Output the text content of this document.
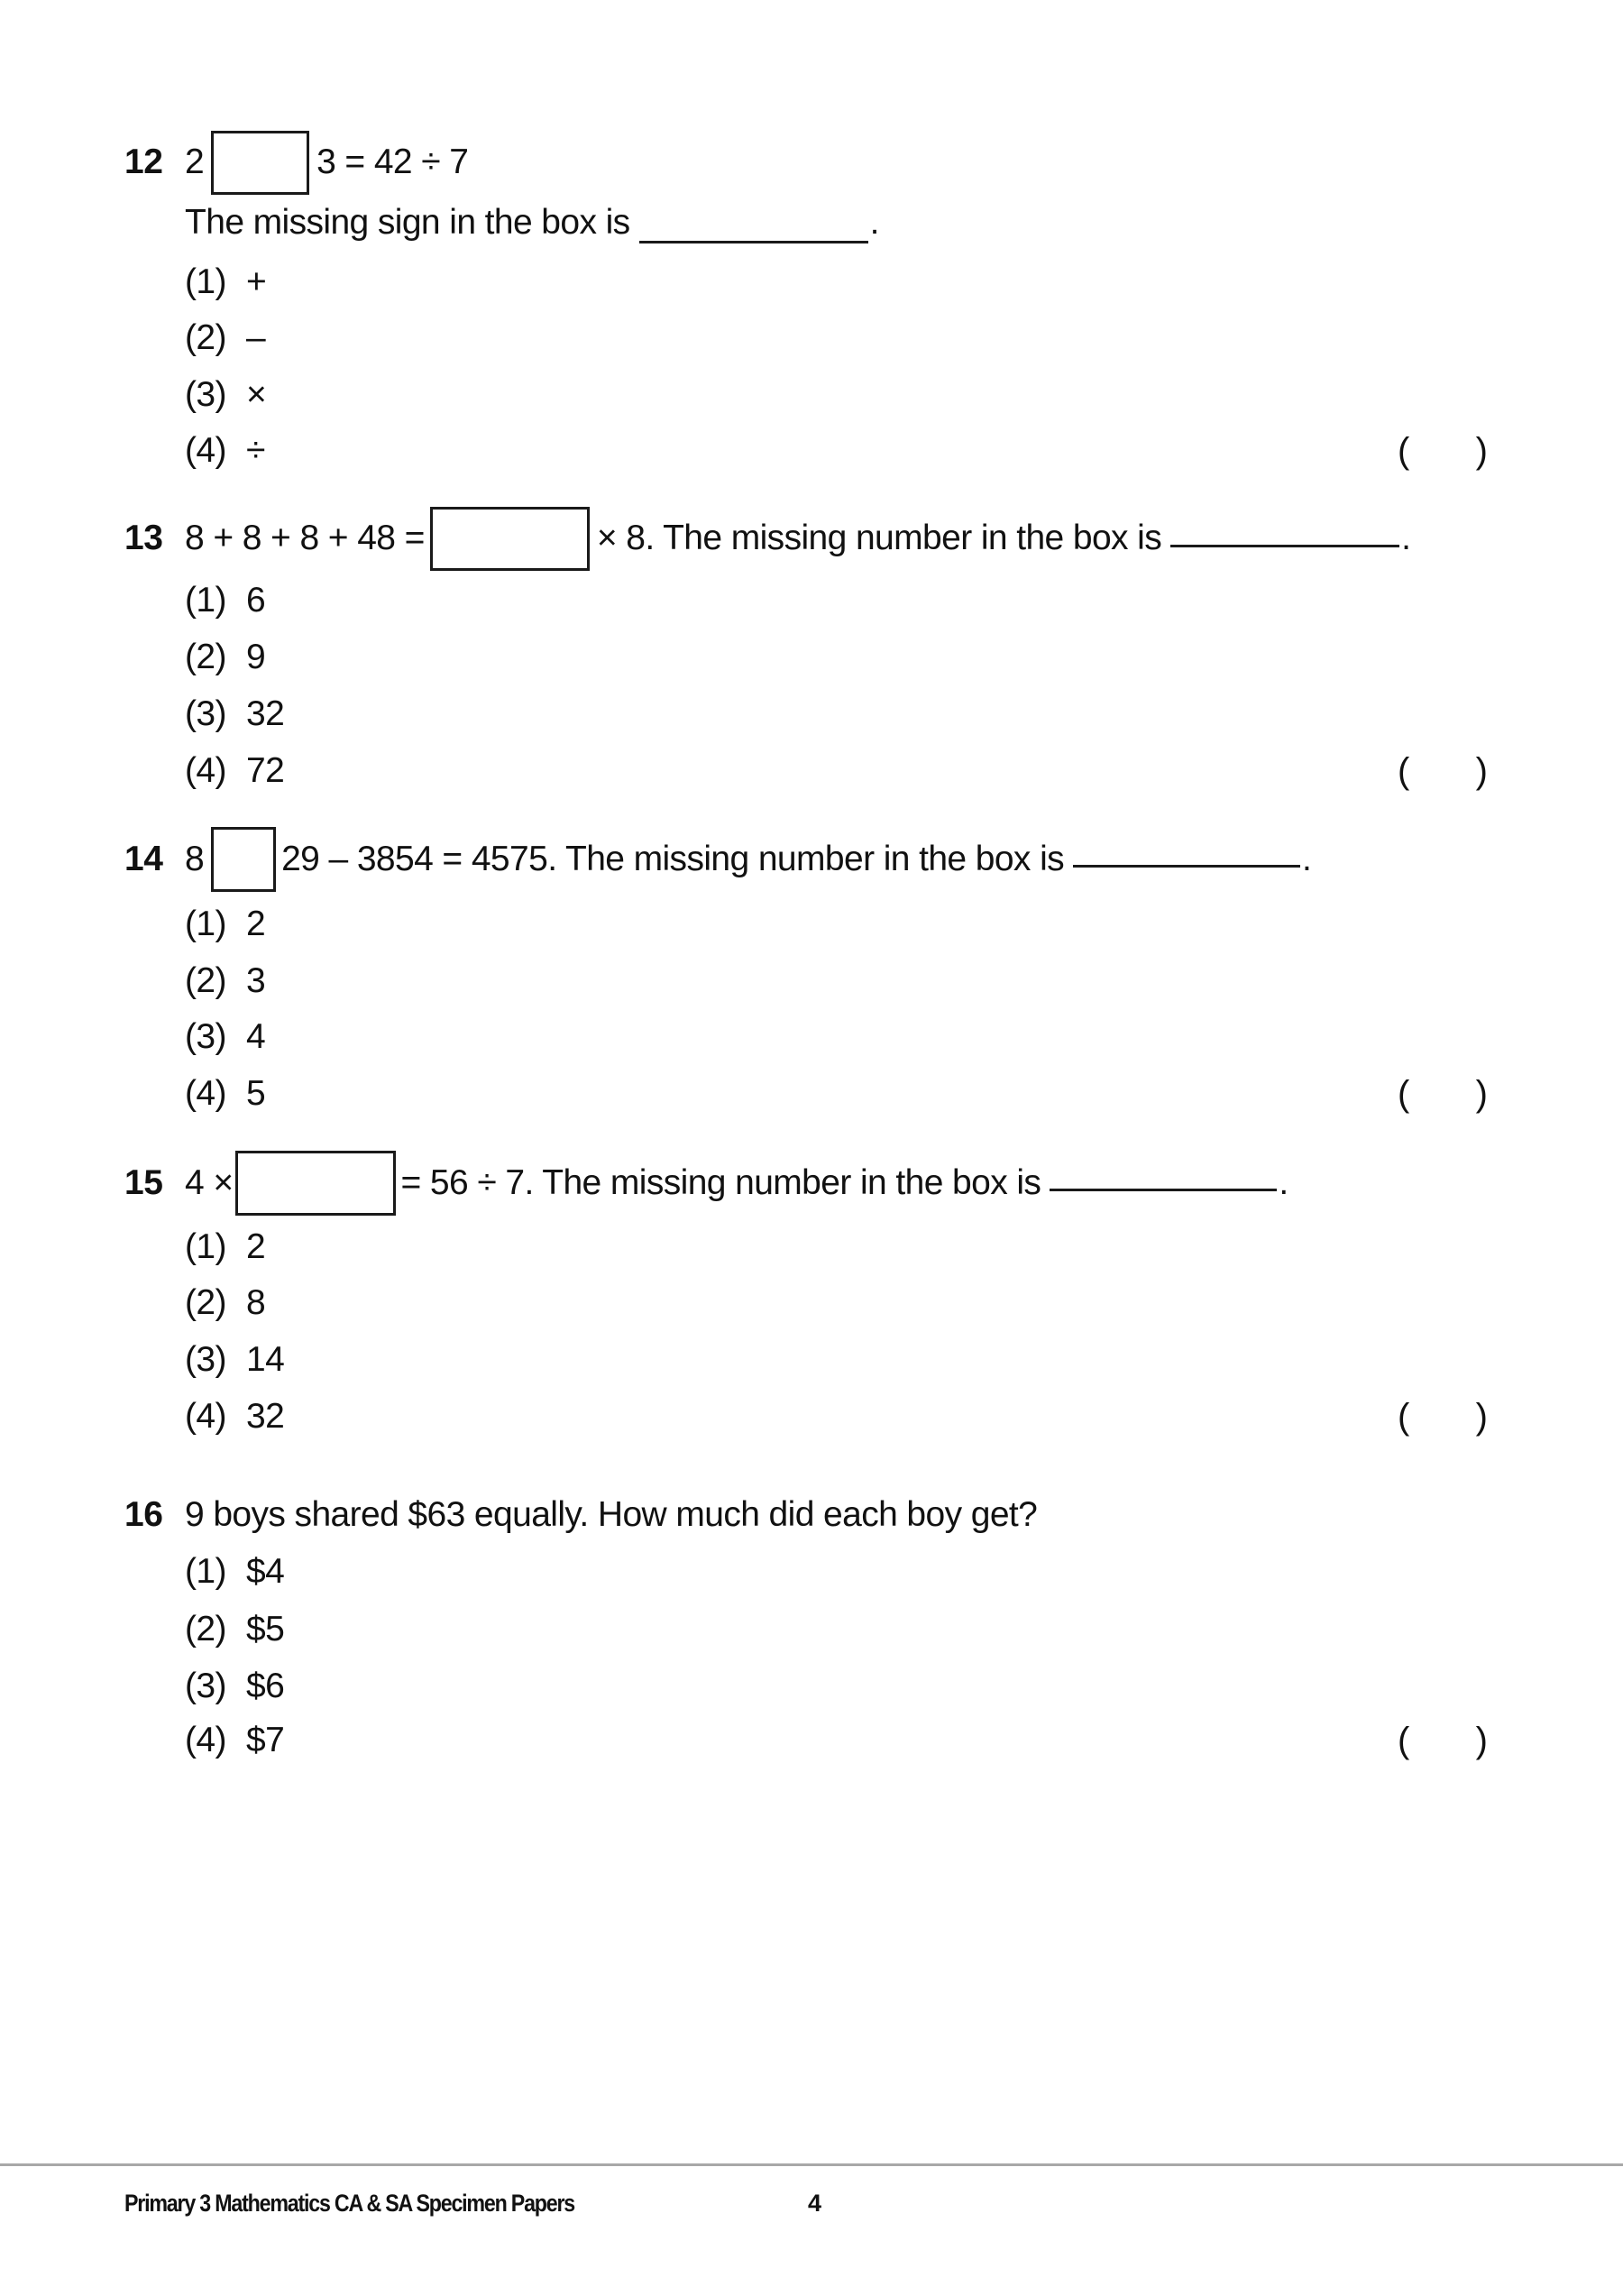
12 2	3 = 42 ÷ 7
The missing sign in the box is	.
(1) +
(2) –
(3) ×
(4) ÷	( )
13 8 + 8 + 8 + 48 =	× 8. The missing number in the box is	.
(1) 6
(2) 9
(3) 32
(4) 72	( )
14 8 29 – 3854 = 4575. The missing number in the box is	.
(1) 2
(2) 3
(3) 4
(4) 5	( )
15 4 ×	= 56 ÷ 7. The missing number in the box is	.
(1) 2
(2) 8
(3) 14
(4) 32	( )
16 9 boys shared $63 equally. How much did each boy get?
(1) $4
(2) $5
(3) $6
(4) $7	( )
Primary 3 Mathematics CA & SA Specimen Papers	4
